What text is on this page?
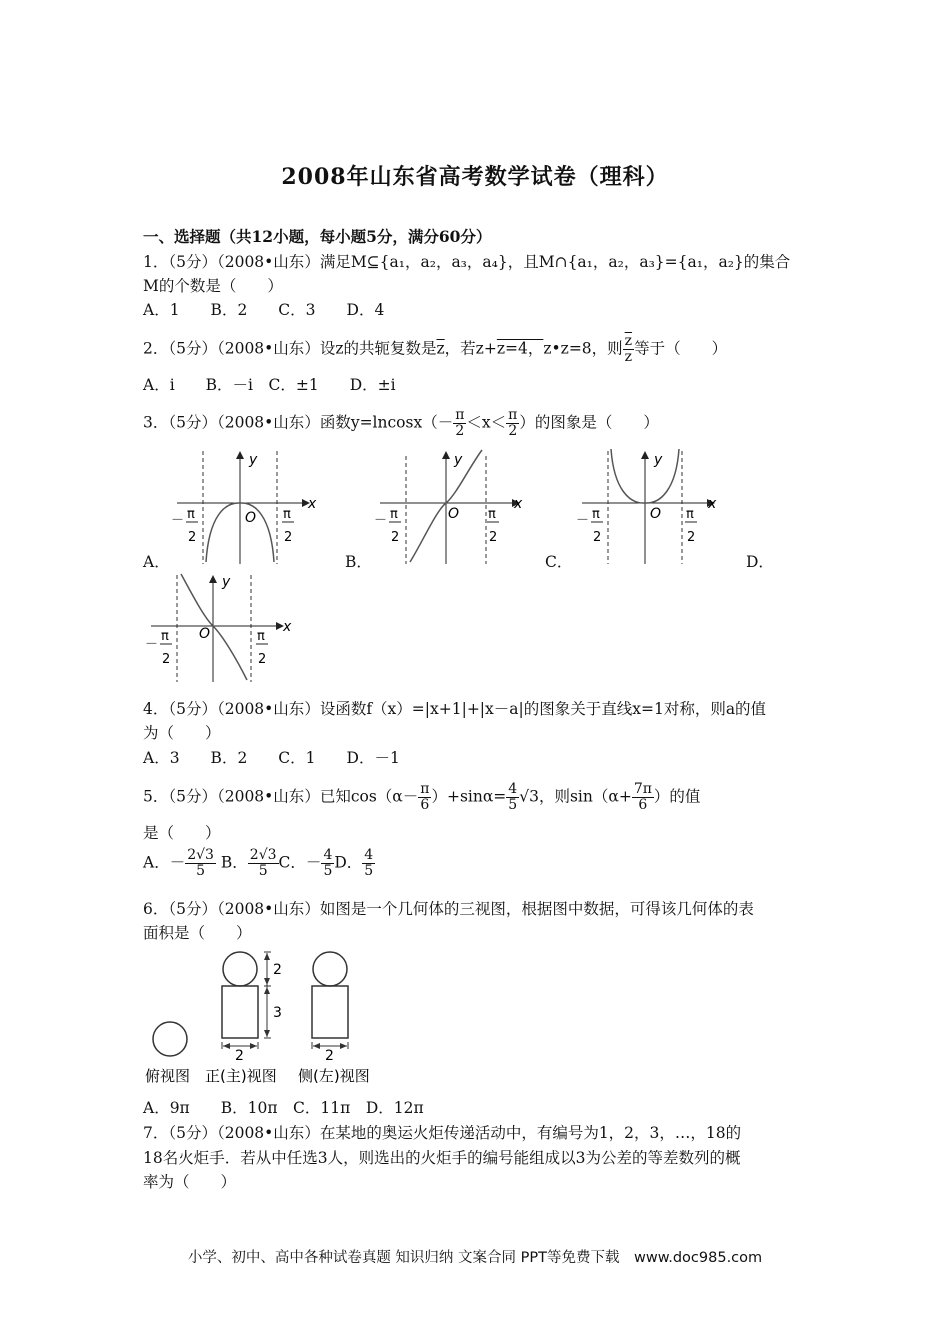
2008年山东省高考数学试卷（理科）
一、选择题（共12小题，每小题5分，满分60分）
1．（5分）（2008•山东）满足M⊆{a₁，a₂，a₃，a₄}，且M∩{a₁，a₂，a₃}={a₁，a₂}的集合
M的个数是（　　）
A．1　　B．2　　C．3　　D．4
2．（5分）（2008•山东）设z的共轭复数是$\overline{z}$，若z+z=4，z•z=8，则 $\frac{\overline{z}}{z}$ 等于（　　）
A．i　　B．－i　C．±1　　D．±i
3．（5分）（2008•山东）函数$y=lncosx(- \frac{\pi}{2} <x< \frac{\pi}{2}$ ）的图象是（　　）
x
y
O
－ π
2
π
2
A．
x
y
O
－ π
2
π
2
B．
x
y
O
－ π
2
π
2
C．	D．
x
y
O
－
π
2
π
2
4．（5分）（2008•山东）设函数f（x）=|x+1|+|x－a|的图象关于直线x=1对称，则a的值
为（　　）
A．3　　B．2　　C．1　　D．－1
5．（5分）（2008•山东）已知$\cos(\alpha- \frac{\pi}{6} )+\sin\alpha= \frac{4}{5} √3$，则$\sin(\alpha+ \frac{7\pi}{6}$ ）的值
是（　　）
A．－ $\frac{2√3}{5}$ B． $\frac{2√3}{5}$ C．－ $\frac{4}{5}$ D． $\frac{4}{5}$
6．（5分）（2008•山东）如图是一个几何体的三视图，根据图中数据，可得该几何体的表
面积是（　　）
2
3
2	2
俯视图 正(主)视图 侧(左)视图
A．9π　　B．10π　C．11π　D．12π
7．（5分）（2008•山东）在某地的奥运火炬传递活动中，有编号为1，2，3，…，18的
18名火炬手．若从中任选3人，则选出的火炬手的编号能组成以3为公差的等差数列的概
率为（　　）
小学、初中、高中各种试卷真题 知识归纳 文案合同 PPT等免费下载　www.doc985.com
